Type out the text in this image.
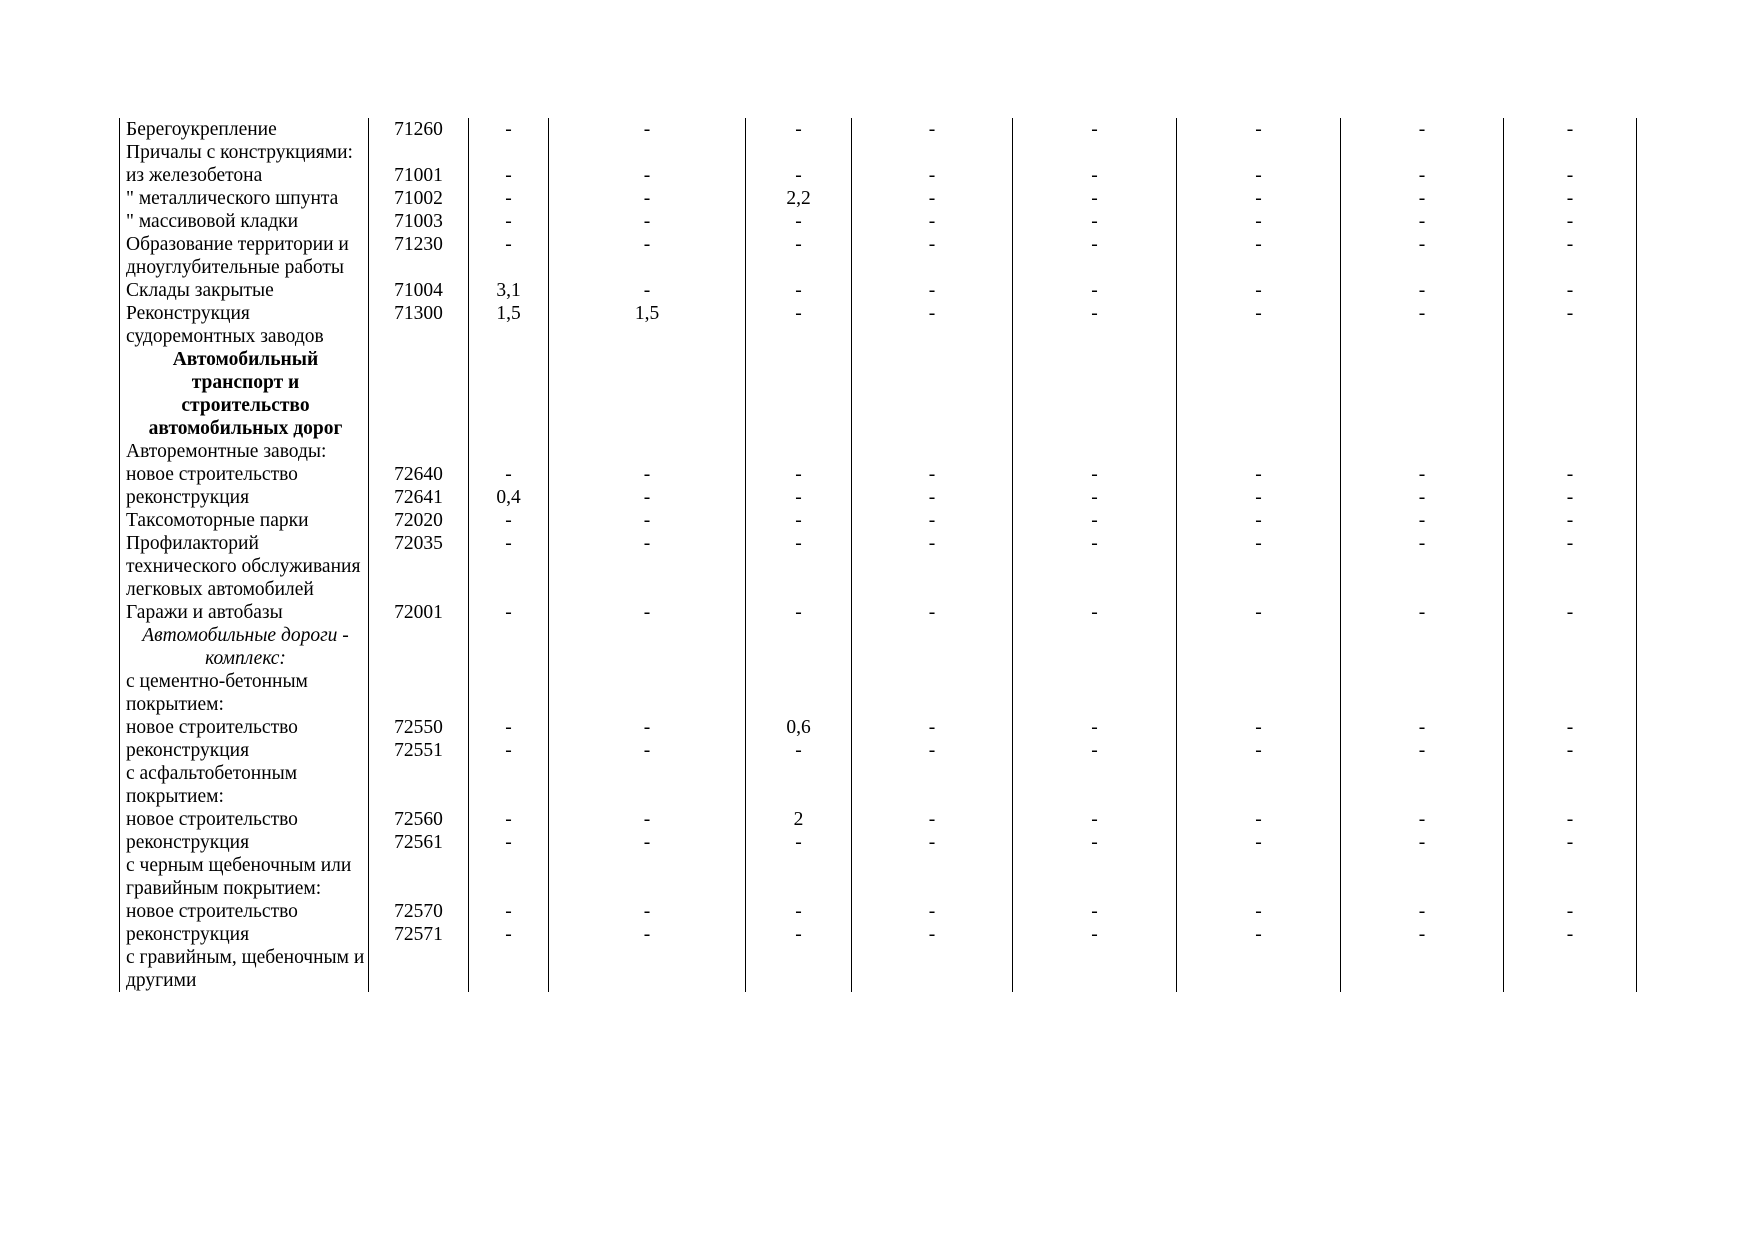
Берегоукрепление	71260	-	-	-	-	-	-	-	-
Причалы с конструкциями:									
из железобетона	71001	-	-	-	-	-	-	-	-
" металлического шпунта	71002	-	-	2,2	-	-	-	-	-
" массивовой кладки	71003	-	-	-	-	-	-	-	-
Образование территории и дноуглубительные работы	71230	-	-	-	-	-	-	-	-
Склады закрытые	71004	3,1	-	-	-	-	-	-	-
Реконструкция судоремонтных заводов	71300	1,5	1,5	-	-	-	-	-	-
Автомобильный транспорт и строительство автомобильных дорог									
Авторемонтные заводы:									
новое строительство	72640	-	-	-	-	-	-	-	-
реконструкция	72641	0,4	-	-	-	-	-	-	-
Таксомоторные парки	72020	-	-	-	-	-	-	-	-
Профилакторий технического обслуживания легковых автомобилей	72035	-	-	-	-	-	-	-	-
Гаражи и автобазы	72001	-	-	-	-	-	-	-	-
Автомобильные дороги - комплекс:									
с цементно-бетонным покрытием:									
новое строительство	72550	-	-	0,6	-	-	-	-	-
реконструкция	72551	-	-	-	-	-	-	-	-
с асфальтобетонным покрытием:									
новое строительство	72560	-	-	2	-	-	-	-	-
реконструкция	72561	-	-	-	-	-	-	-	-
с черным щебеночным или гравийным покрытием:									
новое строительство	72570	-	-	-	-	-	-	-	-
реконструкция	72571	-	-	-	-	-	-	-	-
с гравийным, щебеночным и другими									
